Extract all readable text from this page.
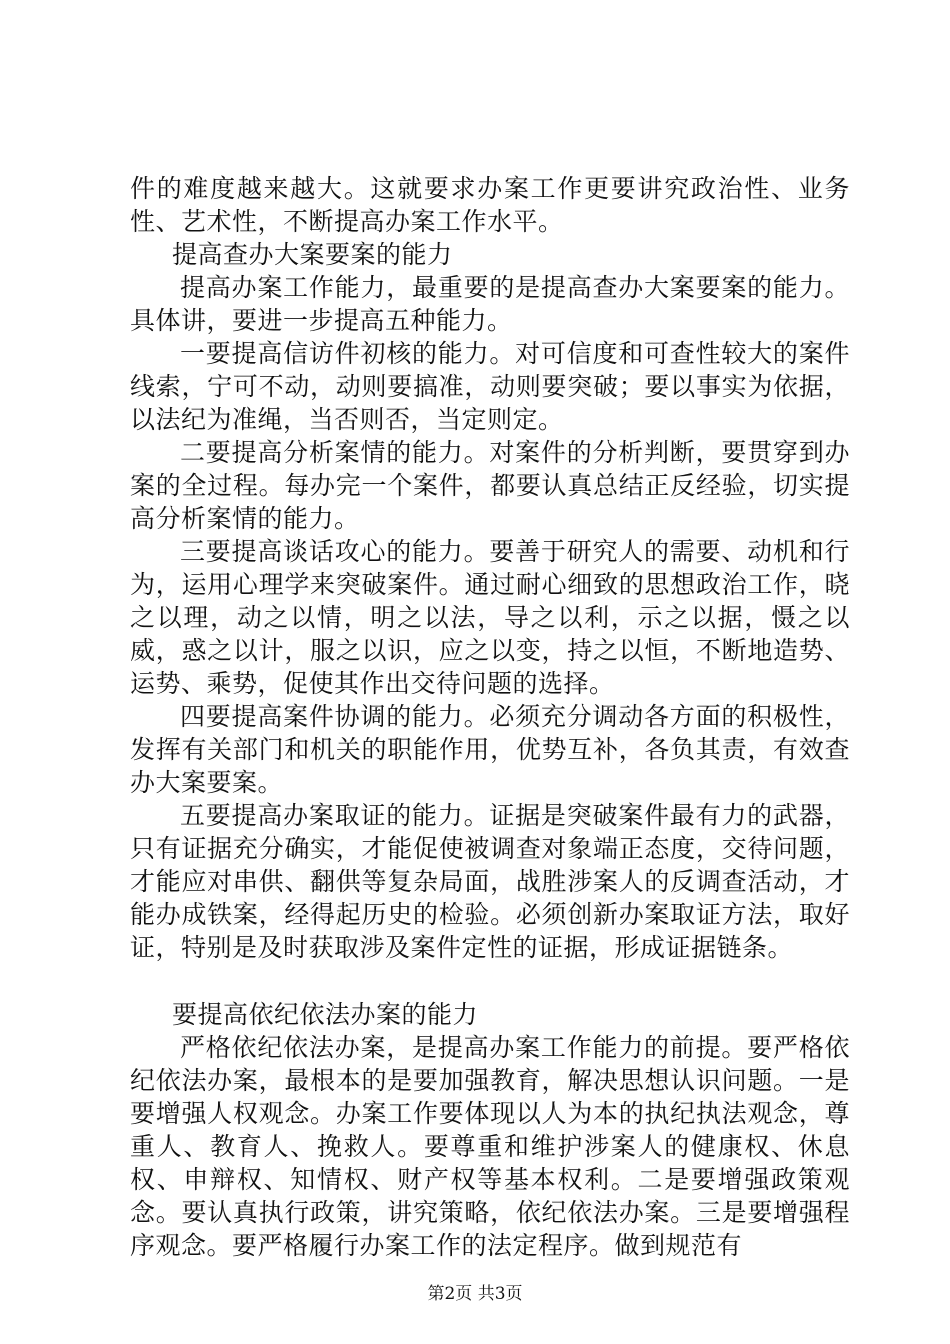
件的难度越来越大。这就要求办案工作更要讲究政治性、业务性、艺术性，不断提高办案工作水平。

提高查办大案要案的能力

提高办案工作能力，最重要的是提高查办大案要案的能力。具体讲，要进一步提高五种能力。

一要提高信访件初核的能力。对可信度和可查性较大的案件线索，宁可不动，动则要搞准，动则要突破；要以事实为依据，以法纪为准绳，当否则否，当定则定。

二要提高分析案情的能力。对案件的分析判断，要贯穿到办案的全过程。每办完一个案件，都要认真总结正反经验，切实提高分析案情的能力。

三要提高谈话攻心的能力。要善于研究人的需要、动机和行为，运用心理学来突破案件。通过耐心细致的思想政治工作，晓之以理，动之以情，明之以法，导之以利，示之以据，慑之以威，惑之以计，服之以识，应之以变，持之以恒，不断地造势、运势、乘势，促使其作出交待问题的选择。

四要提高案件协调的能力。必须充分调动各方面的积极性，发挥有关部门和机关的职能作用，优势互补，各负其责，有效查办大案要案。

五要提高办案取证的能力。证据是突破案件最有力的武器，只有证据充分确实，才能促使被调查对象端正态度，交待问题，才能应对串供、翻供等复杂局面，战胜涉案人的反调查活动，才能办成铁案，经得起历史的检验。必须创新办案取证方法，取好证，特别是及时获取涉及案件定性的证据，形成证据链条。

要提高依纪依法办案的能力

严格依纪依法办案，是提高办案工作能力的前提。要严格依纪依法办案，最根本的是要加强教育，解决思想认识问题。一是要增强人权观念。办案工作要体现以人为本的执纪执法观念，尊重人、教育人、挽救人。要尊重和维护涉案人的健康权、休息权、申辩权、知情权、财产权等基本权利。二是要增强政策观念。要认真执行政策，讲究策略，依纪依法办案。三是要增强程序观念。要严格履行办案工作的法定程序。做到规范有

第2页 共3页
